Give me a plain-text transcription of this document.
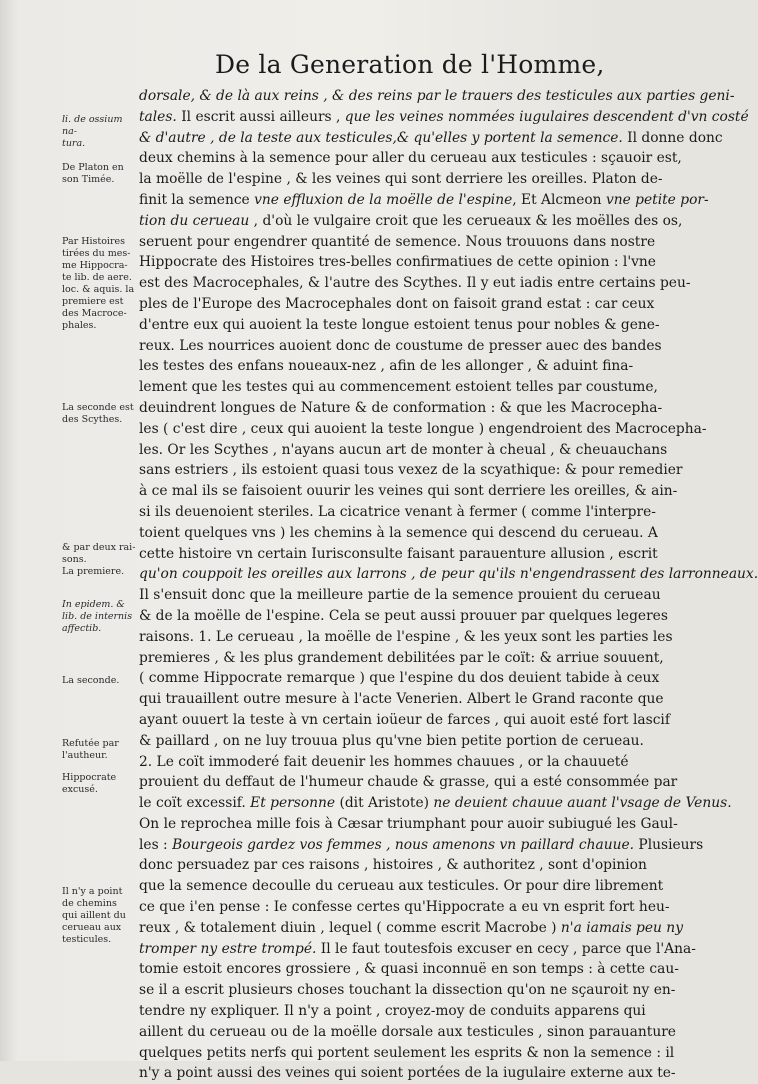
De la Generation de l'Homme,
dorsale, & de là aux reins , & des reins par le trauers des testicules aux parties geni-
tales. Il escrit aussi ailleurs , que les veines nommées iugulaires descendent d'vn costé
& d'autre , de la teste aux testicules,& qu'elles y portent la semence. Il donne donc
deux chemins à la semence pour aller du cerueau aux testicules : sçauoir est,
la moëlle de l'espine , & les veines qui sont derriere les oreilles. Platon de-
finit la semence vne effluxion de la moëlle de l'espine, Et Alcmeon vne petite por-
tion du cerueau , d'où le vulgaire croit que les cerueaux & les moëlles des os,
seruent pour engendrer quantité de semence. Nous trouuons dans nostre
Hippocrate des Histoires tres-belles confirmatiues de cette opinion : l'vne
est des Macrocephales, & l'autre des Scythes. Il y eut iadis entre certains peu-
ples de l'Europe des Macrocephales dont on faisoit grand estat : car ceux
d'entre eux qui auoient la teste longue estoient tenus pour nobles & gene-
reux. Les nourrices auoient donc de coustume de presser auec des bandes
les testes des enfans noueaux-nez , afin de les allonger , & aduint fina-
lement que les testes qui au commencement estoient telles par coustume,
deuindrent longues de Nature & de conformation : & que les Macrocepha-
les ( c'est dire , ceux qui auoient la teste longue ) engendroient des Macrocepha-
les. Or les Scythes , n'ayans aucun art de monter à cheual , & cheuauchans
sans estriers , ils estoient quasi tous vexez de la scyathique: & pour remedier
à ce mal ils se faisoient ouurir les veines qui sont derriere les oreilles, & ain-
si ils deuenoient steriles. La cicatrice venant à fermer ( comme l'interpre-
toient quelques vns ) les chemins à la semence qui descend du cerueau. A
cette histoire vn certain Iurisconsulte faisant parauenture allusion , escrit
qu'on couppoit les oreilles aux larrons , de peur qu'ils n'engendrassent des larronneaux.
Il s'ensuit donc que la meilleure partie de la semence prouient du cerueau
& de la moëlle de l'espine. Cela se peut aussi prouuer par quelques legeres
raisons. 1. Le cerueau , la moëlle de l'espine , & les yeux sont les parties les
premieres , & les plus grandement debilitées par le coït: & arriue souuent,
( comme Hippocrate remarque ) que l'espine du dos deuient tabide à ceux
qui trauaillent outre mesure à l'acte Venerien. Albert le Grand raconte que
ayant ouuert la teste à vn certain ioüeur de farces , qui auoit esté fort lascif
& paillard , on ne luy trouua plus qu'vne bien petite portion de cerueau.
2. Le coït immoderé fait deuenir les hommes chauues , or la chauueté
prouient du deffaut de l'humeur chaude & grasse, qui a esté consommée par
le coït excessif. Et personne (dit Aristote) ne deuient chauue auant l'vsage de Venus.
On le reprochea mille fois à Cæsar triumphant pour auoir subiugué les Gaul-
les : Bourgeois gardez vos femmes , nous amenons vn paillard chauue. Plusieurs
donc persuadez par ces raisons , histoires , & authoritez , sont d'opinion
que la semence decoulle du cerueau aux testicules. Or pour dire librement
ce que i'en pense : Ie confesse certes qu'Hippocrate a eu vn esprit fort heu-
reux , & totalement diuin , lequel ( comme escrit Macrobe ) n'a iamais peu ny
tromper ny estre trompé. Il le faut toutesfois excuser en cecy , parce que l'Ana-
tomie estoit encores grossiere , & quasi inconnuë en son temps : à cette cau-
se il a escrit plusieurs choses touchant la dissection qu'on ne sçauroit ny en-
tendre ny expliquer. Il n'y a point , croyez-moy de conduits apparens qui
aillent du cerueau ou de la moëlle dorsale aux testicules , sinon parauanture
quelques petits nerfs qui portent seulement les esprits & non la semence : il
n'y a point aussi des veines qui soient portées de la iugulaire externe aux te-
li. de ossium na-
tura.
De Platon en
son Timée.
Par Histoires
tirées du mes-
me Hippocra-
te lib. de aere.
loc. & aquis. la
premiere est
des Macroce-
phales.
La seconde est
des Scythes.
& par deux rai-
sons.
La premiere.
In epidem. &
lib. de internis
affectib.
La seconde.
Refutée par
l'autheur.
Hippocrate
excusé.
Il n'y a point
de chemins
qui aillent du
cerueau aux
testicules.
